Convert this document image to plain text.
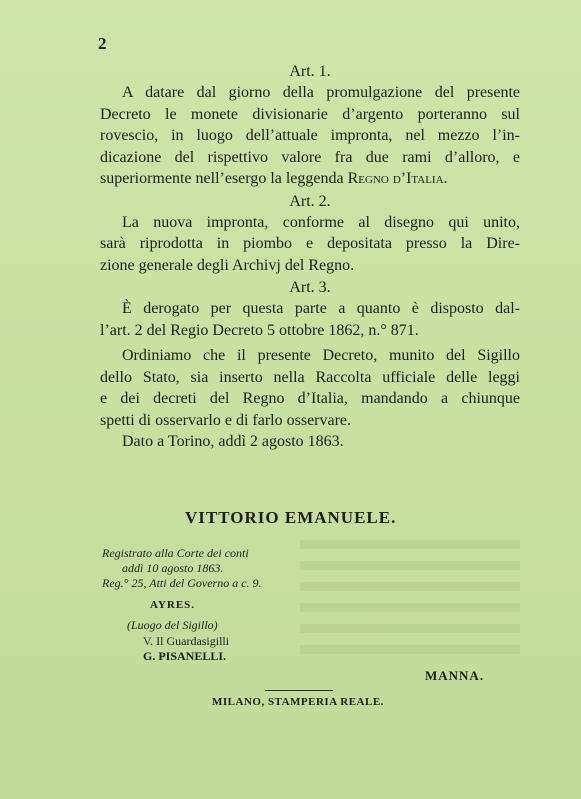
2
Art. 1.
A datare dal giorno della promulgazione del presente
Decreto le monete divisionarie d’argento porteranno sul
rovescio, in luogo dell’attuale impronta, nel mezzo l’in-
dicazione del rispettivo valore fra due rami d’alloro, e
superiormente nell’esergo la leggenda Regno d’Italia.
Art. 2.
La nuova impronta, conforme al disegno qui unito,
sarà riprodotta in piombo e depositata presso la Dire-
zione generale degli Archivj del Regno.
Art. 3.
È derogato per questa parte a quanto è disposto dal-
l’art. 2 del Regio Decreto 5 ottobre 1862, n.° 871.
Ordiniamo che il presente Decreto, munito del Sigillo
dello Stato, sia inserto nella Raccolta ufficiale delle leggi
e dei decreti del Regno d’Italia, mandando a chiunque
spetti di osservarlo e di farlo osservare.
Dato a Torino, addì 2 agosto 1863.
VITTORIO EMANUELE.
Registrato alla Corte dei conti
addì 10 agosto 1863.
Reg.° 25, Atti del Governo a c. 9.
AYRES.
(Luogo del Sigillo)
V. Il Guardasigilli
G. PISANELLI.
MANNA.
MILANO, STAMPERIA REALE.
